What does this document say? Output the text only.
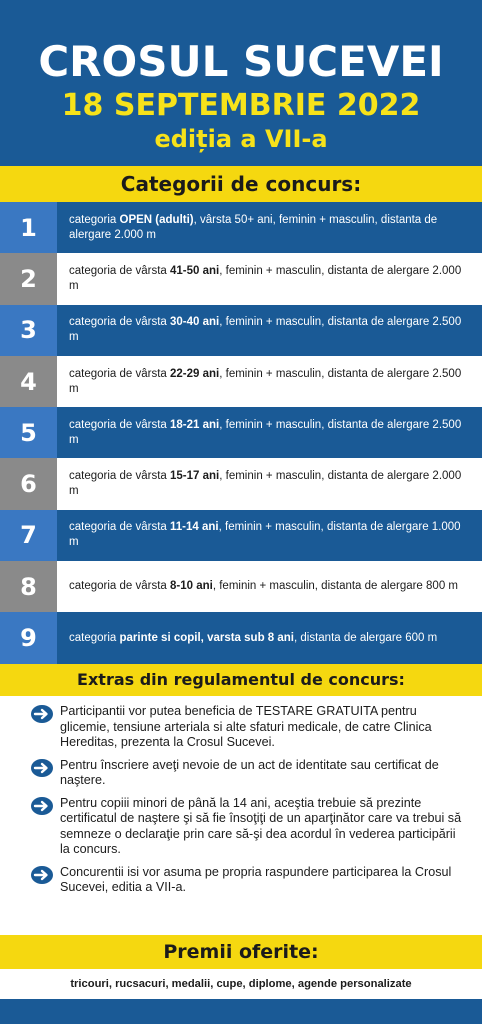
CROSUL SUCEVEI
18 SEPTEMBRIE 2022
ediția a VII-a
Categorii de concurs:
1	categoria OPEN (adulti), vârsta 50+ ani, feminin + masculin, distanta de alergare 2.000 m
2	categoria de vârsta 41-50 ani, feminin + masculin, distanta de alergare 2.000 m
3	categoria de vârsta 30-40 ani, feminin + masculin, distanta de alergare 2.500 m
4	categoria de vârsta 22-29 ani, feminin + masculin, distanta de alergare 2.500 m
5	categoria de vârsta 18-21 ani, feminin + masculin, distanta de alergare 2.500 m
6	categoria de vârsta 15-17 ani, feminin + masculin, distanta de alergare 2.000 m
7	categoria de vârsta 11-14 ani, feminin + masculin, distanta de alergare 1.000 m
8	categoria de vârsta 8-10 ani, feminin + masculin, distanta de alergare 800 m
9	categoria parinte si copil, varsta sub 8 ani, distanta de alergare 600 m
Extras din regulamentul de concurs:
Participantii vor putea beneficia de TESTARE GRATUITA pentru glicemie, tensiune arteriala si alte sfaturi medicale, de catre Clinica Hereditas, prezenta la Crosul Sucevei.
Pentru înscriere aveţi nevoie de un act de identitate sau certificat de naştere.
Pentru copiii minori de până la 14 ani, aceştia trebuie să prezinte certificatul de naştere şi să fie însoţiţi de un aparţinător care va trebui să semneze o declaraţie prin care să-şi dea acordul în vederea participării la concurs.
Concurentii isi vor asuma pe propria raspundere participarea la Crosul Sucevei, editia a VII-a.
Premii oferite:
tricouri, rucsacuri, medalii, cupe, diplome, agende personalizate
